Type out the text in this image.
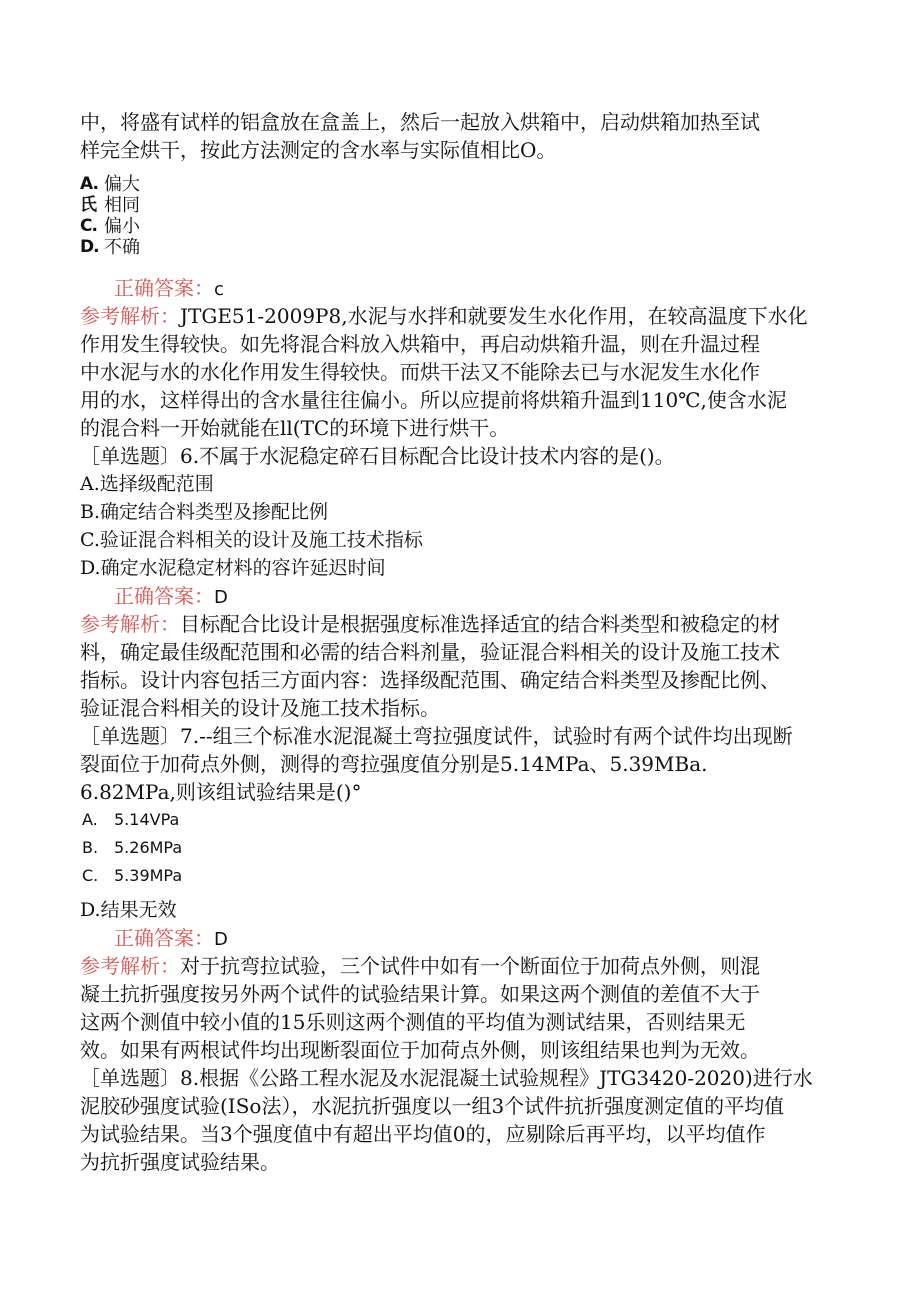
中，将盛有试样的铝盒放在盒盖上，然后一起放入烘箱中，启动烘箱加热至试
样完全烘干，按此方法测定的含水率与实际值相比O。
A.
氏
C.
D.
偏大
相同
偏小
不确
正确答案：c
参考解析：JTGE51-2009P8,水泥与水拌和就要发生水化作用，在较高温度下水化
作用发生得较快。如先将混合料放入烘箱中，再启动烘箱升温，则在升温过程
中水泥与水的水化作用发生得较快。而烘干法又不能除去已与水泥发生水化作
用的水，这样得出的含水量往往偏小。所以应提前将烘箱升温到110℃,使含水泥
的混合料一开始就能在ll(TC的环境下进行烘干。
［单选题〕6.不属于水泥稳定碎石目标配合比设计技术内容的是()。
A.选择级配范围
B.确定结合料类型及掺配比例
C.验证混合料相关的设计及施工技术指标
D.确定水泥稳定材料的容许延迟时间
正确答案：D
参考解析：目标配合比设计是根据强度标准选择适宜的结合料类型和被稳定的材
料，确定最佳级配范围和必需的结合料剂量，验证混合料相关的设计及施工技术
指标。设计内容包括三方面内容：选择级配范围、确定结合料类型及掺配比例、
验证混合料相关的设计及施工技术指标。
［单选题〕7.--组三个标准水泥混凝土弯拉强度试件，试验时有两个试件均出现断
裂面位于加荷点外侧，测得的弯拉强度值分别是5.14MPa、5.39MBa.
6.82MPa,则该组试验结果是()°
A. 5.14VPa
B. 5.26MPa
C. 5.39MPa
D.结果无效
正确答案：D
参考解析：对于抗弯拉试验，三个试件中如有一个断面位于加荷点外侧，则混
凝土抗折强度按另外两个试件的试验结果计算。如果这两个测值的差值不大于
这两个测值中较小值的15乐则这两个测值的平均值为测试结果，否则结果无
效。如果有两根试件均出现断裂面位于加荷点外侧，则该组结果也判为无效。
［单选题〕8.根据《公路工程水泥及水泥混凝土试验规程》JTG3420-2020)进行水
泥胶砂强度试验(ISo法），水泥抗折强度以一组3个试件抗折强度测定值的平均值
为试验结果。当3个强度值中有超出平均值0的，应剔除后再平均，以平均值作
为抗折强度试验结果。
